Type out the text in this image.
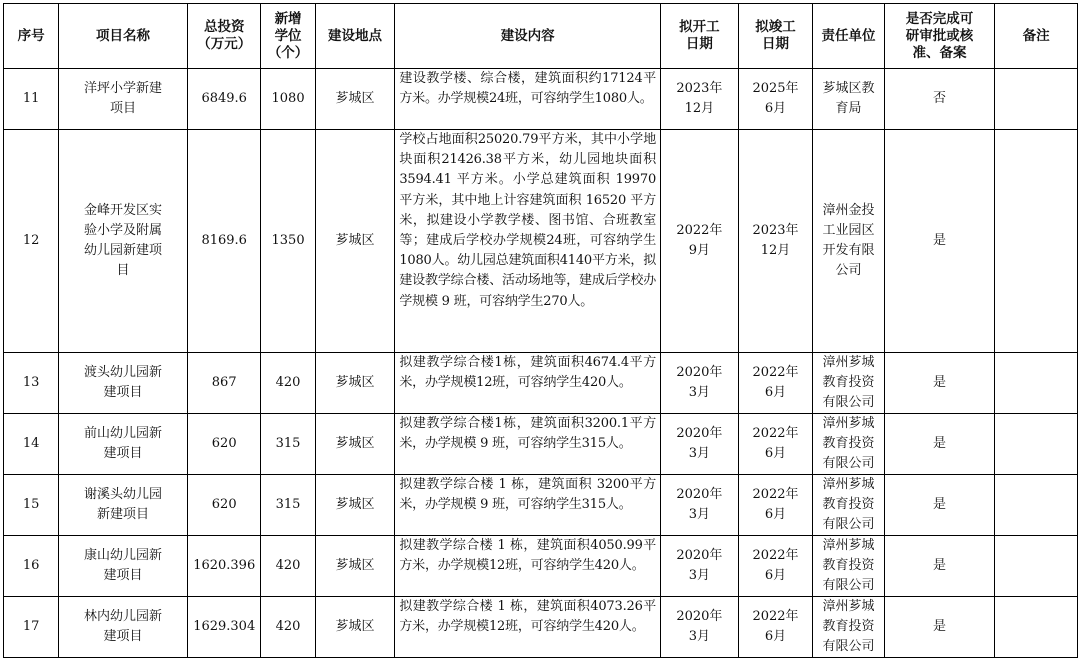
序号	项目名称	总投资
（万元）	新增
学位
（个）	建设地点	建设内容	拟开工
日期	拟竣工
日期	责任单位	是否完成可
研审批或核
准、备案	备注

11	洋坪小学新建
项目	6849.6	1080	芗城区	建设教学楼、综合楼，建筑面积约17124平方米。办学规模24班，可容纳学生1080人。	2023年
12月	2025年
6月	芗城区教
育局	否	
12	金峰开发区实
验小学及附属
幼儿园新建项
目	8169.6	1350	芗城区	学校占地面积25020.79平方米，其中小学地块面积21426.38平方米，幼儿园地块面积 3594.41 平方米。小学总建筑面积 19970 平方米，其中地上计容建筑面积 16520 平方米，拟建设小学教学楼、图书馆、合班教室等；建成后学校办学规模24班，可容纳学生1080人。幼儿园总建筑面积4140平方米，拟建设教学综合楼、活动场地等，建成后学校办学规模 9 班，可容纳学生270人。	2022年
9月	2023年
12月	漳州金投
工业园区
开发有限
公司	是	
13	渡头幼儿园新
建项目	867	420	芗城区	拟建教学综合楼1栋，建筑面积4674.4平方米，办学规模12班，可容纳学生420人。	2020年
3月	2022年
6月	漳州芗城
教育投资
有限公司	是	
14	前山幼儿园新
建项目	620	315	芗城区	拟建教学综合楼1栋，建筑面积3200.1平方米，办学规模 9 班，可容纳学生315人。	2020年
3月	2022年
6月	漳州芗城
教育投资
有限公司	是	
15	谢溪头幼儿园
新建项目	620	315	芗城区	拟建教学综合楼 1 栋，建筑面积 3200平方米，办学规模 9 班，可容纳学生315人。	2020年
3月	2022年
6月	漳州芗城
教育投资
有限公司	是	
16	康山幼儿园新
建项目	1620.396	420	芗城区	拟建教学综合楼 1 栋，建筑面积4050.99平方米，办学规模12班，可容纳学生420人。	2020年
3月	2022年
6月	漳州芗城
教育投资
有限公司	是	
17	林内幼儿园新
建项目	1629.304	420	芗城区	拟建教学综合楼 1 栋，建筑面积4073.26平方米，办学规模12班，可容纳学生420人。	2020年
3月	2022年
6月	漳州芗城
教育投资
有限公司	是	
